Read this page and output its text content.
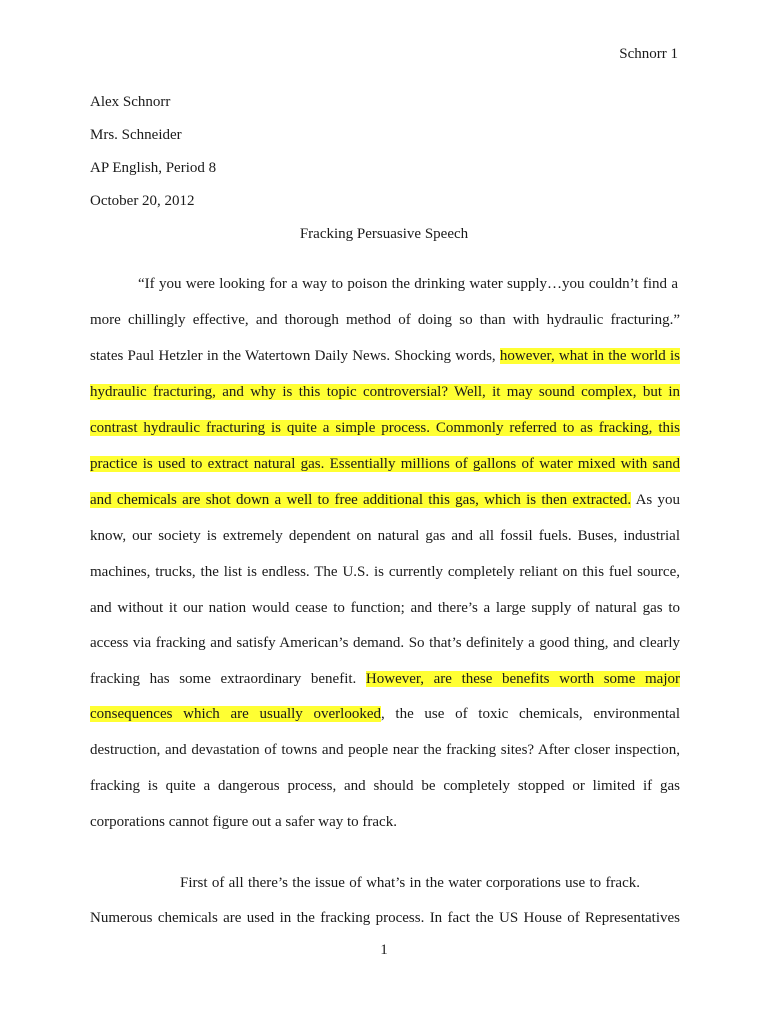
Schnorr 1
Alex Schnorr
Mrs. Schneider
AP English, Period 8
October 20, 2012
Fracking Persuasive Speech
“If you were looking for a way to poison the drinking water supply…you couldn’t find a
more chillingly effective, and thorough method of doing so than with hydraulic fracturing.”
states Paul Hetzler in the Watertown Daily News. Shocking words, however, what in the world is
hydraulic fracturing, and why is this topic controversial? Well, it may sound complex, but in
contrast hydraulic fracturing is quite a simple process. Commonly referred to as fracking, this
practice is used to extract natural gas. Essentially millions of gallons of water mixed with sand
and chemicals are shot down a well to free additional this gas, which is then extracted. As you
know, our society is extremely dependent on natural gas and all fossil fuels. Buses, industrial
machines, trucks, the list is endless. The U.S. is currently completely reliant on this fuel source,
and without it our nation would cease to function; and there’s a large supply of natural gas to
access via fracking and satisfy American’s demand. So that’s definitely a good thing, and clearly
fracking has some extraordinary benefit. However, are these benefits worth some major
consequences which are usually overlooked, the use of toxic chemicals, environmental
destruction, and devastation of towns and people near the fracking sites? After closer inspection,
fracking is quite a dangerous process, and should be completely stopped or limited if gas
corporations cannot figure out a safer way to frack.
First of all there’s the issue of what’s in the water corporations use to frack.
Numerous chemicals are used in the fracking process. In fact the US House of Representatives
1
